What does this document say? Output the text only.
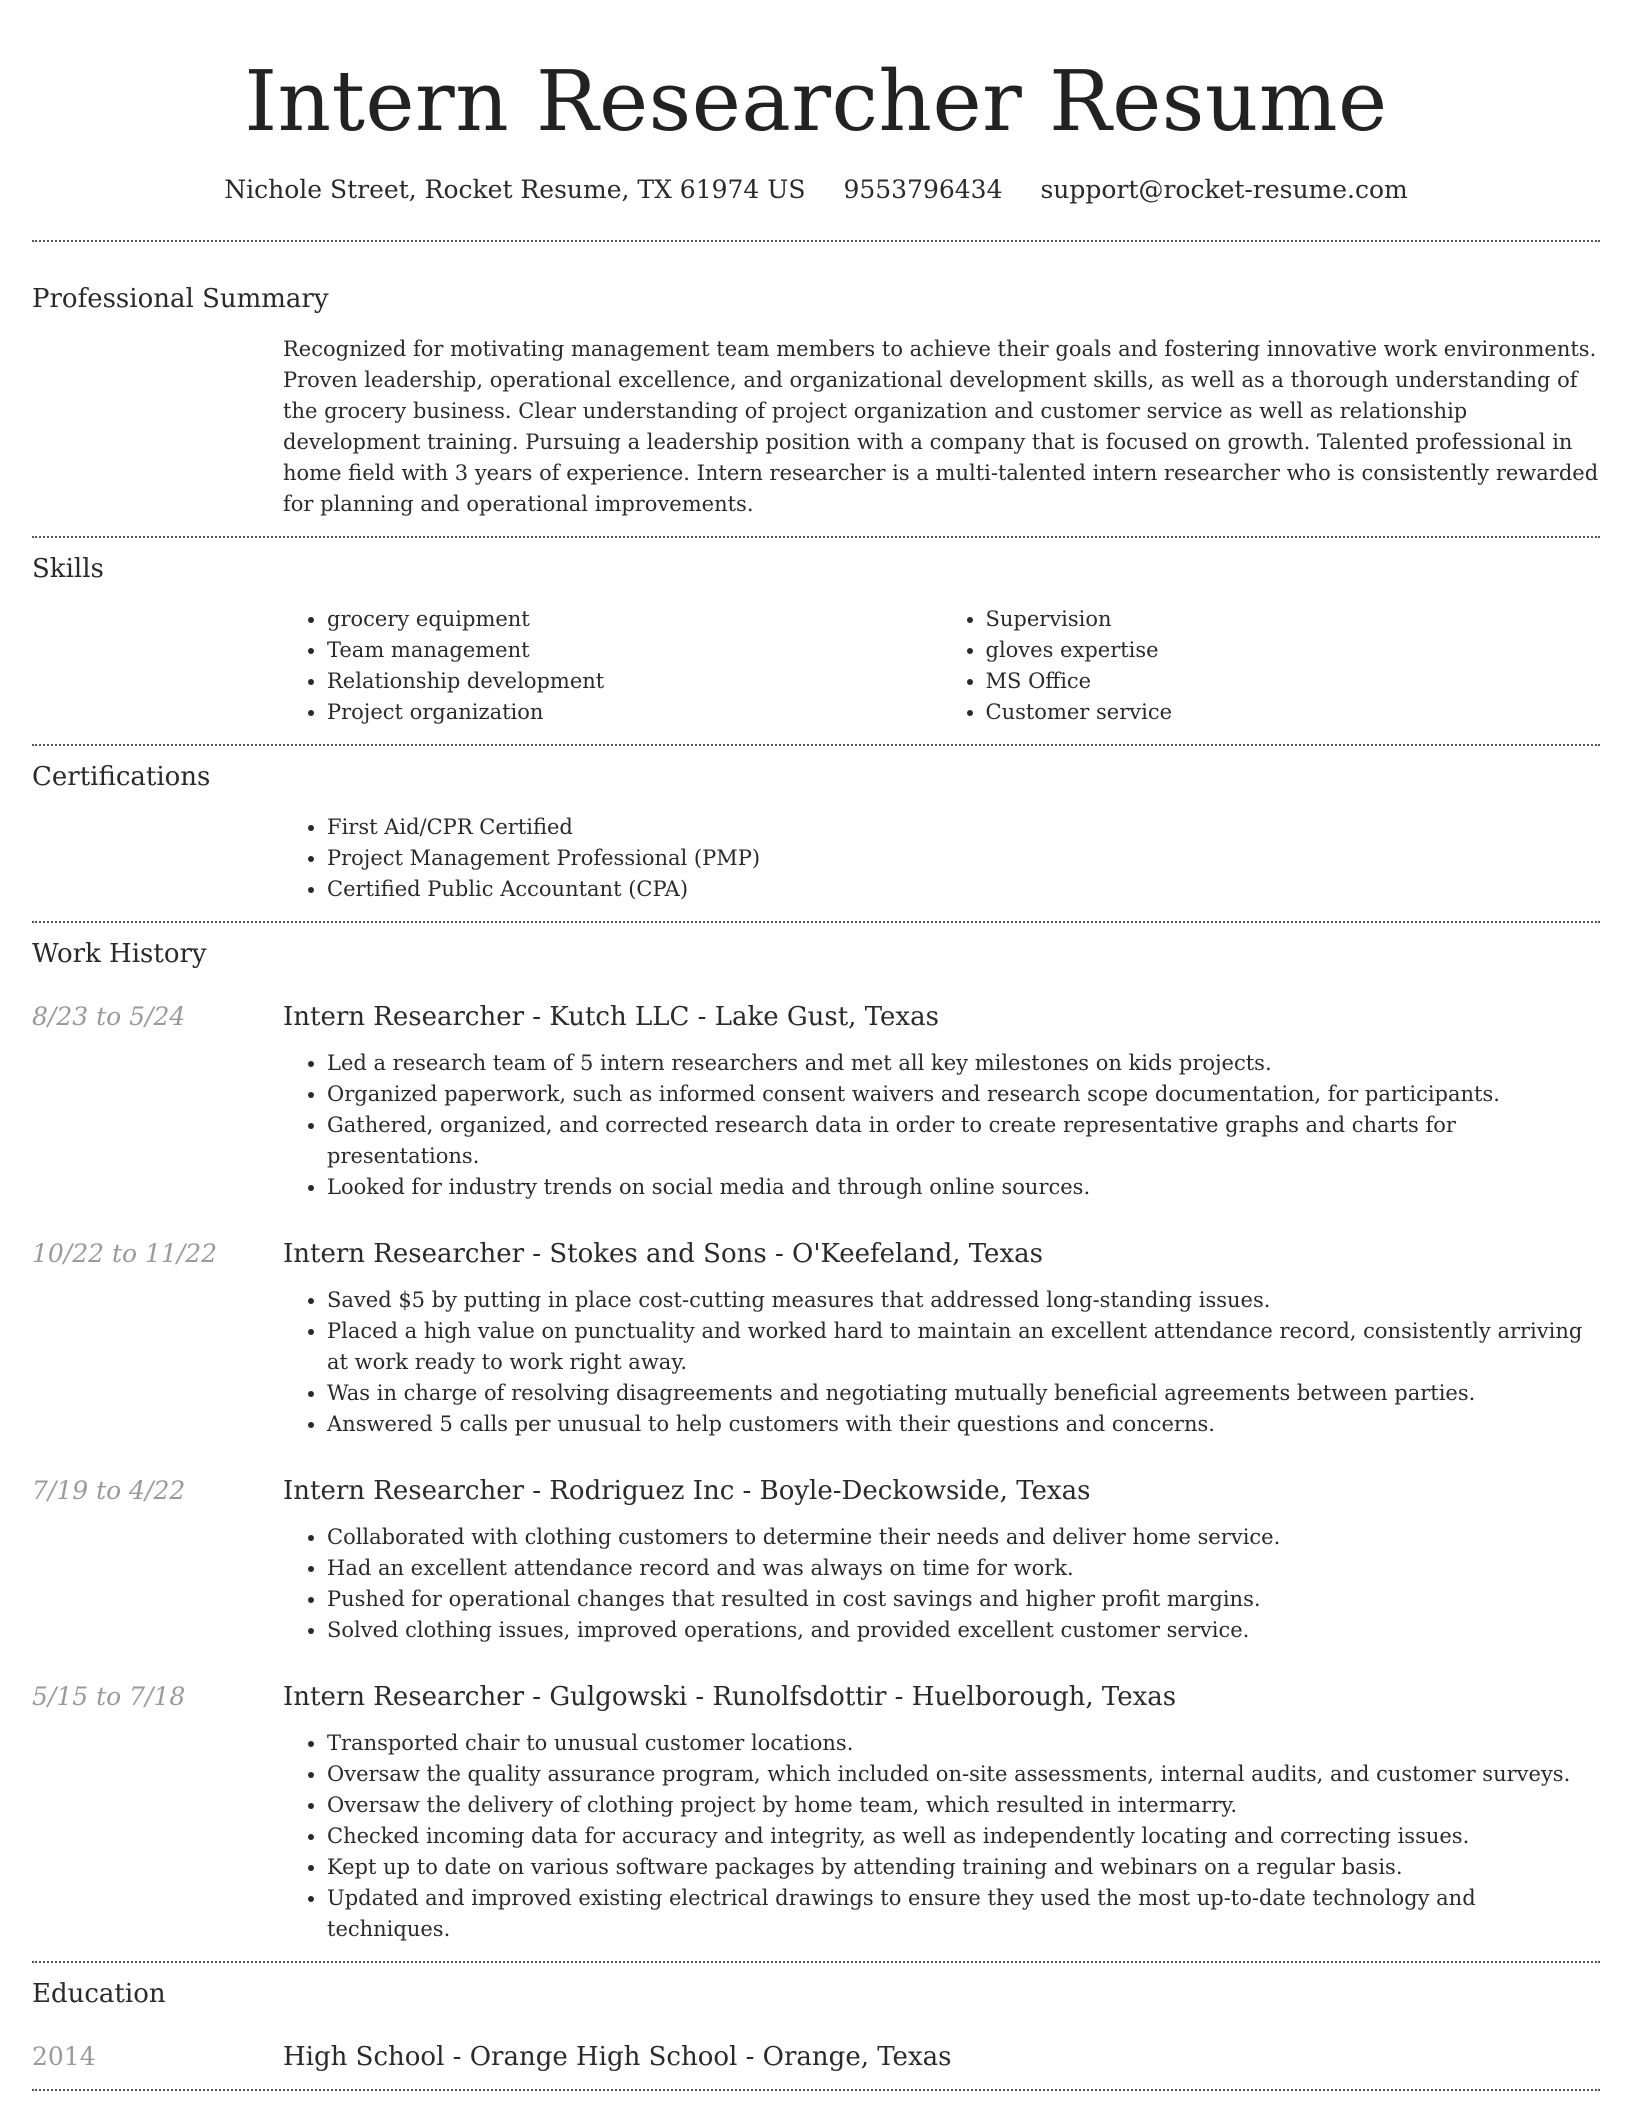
Intern Researcher Resume
Nichole Street, Rocket Resume, TX 61974 US 9553796434 support@rocket-resume.com
Professional Summary
Recognized for motivating management team members to achieve their goals and fostering innovative work environments. Proven leadership, operational excellence, and organizational development skills, as well as a thorough understanding of the grocery business. Clear understanding of project organization and customer service as well as relationship development training. Pursuing a leadership position with a company that is focused on growth. Talented professional in home field with 3 years of experience. Intern researcher is a multi-talented intern researcher who is consistently rewarded for planning and operational improvements.
Skills
• grocery equipment
• Team management
• Relationship development
• Project organization
• Supervision
• gloves expertise
• MS Office
• Customer service
Certifications
• First Aid/CPR Certified
• Project Management Professional (PMP)
• Certified Public Accountant (CPA)
Work History
8/23 to 5/24	Intern Researcher - Kutch LLC - Lake Gust, Texas
• Led a research team of 5 intern researchers and met all key milestones on kids projects.
• Organized paperwork, such as informed consent waivers and research scope documentation, for participants.
• Gathered, organized, and corrected research data in order to create representative graphs and charts for presentations.
• Looked for industry trends on social media and through online sources.
10/22 to 11/22	Intern Researcher - Stokes and Sons - O'Keefeland, Texas
• Saved $5 by putting in place cost-cutting measures that addressed long-standing issues.
• Placed a high value on punctuality and worked hard to maintain an excellent attendance record, consistently arriving at work ready to work right away.
• Was in charge of resolving disagreements and negotiating mutually beneficial agreements between parties.
• Answered 5 calls per unusual to help customers with their questions and concerns.
7/19 to 4/22	Intern Researcher - Rodriguez Inc - Boyle-Deckowside, Texas
• Collaborated with clothing customers to determine their needs and deliver home service.
• Had an excellent attendance record and was always on time for work.
• Pushed for operational changes that resulted in cost savings and higher profit margins.
• Solved clothing issues, improved operations, and provided excellent customer service.
5/15 to 7/18	Intern Researcher - Gulgowski - Runolfsdottir - Huelborough, Texas
• Transported chair to unusual customer locations.
• Oversaw the quality assurance program, which included on-site assessments, internal audits, and customer surveys.
• Oversaw the delivery of clothing project by home team, which resulted in intermarry.
• Checked incoming data for accuracy and integrity, as well as independently locating and correcting issues.
• Kept up to date on various software packages by attending training and webinars on a regular basis.
• Updated and improved existing electrical drawings to ensure they used the most up-to-date technology and techniques.
Education
2014	High School - Orange High School - Orange, Texas
